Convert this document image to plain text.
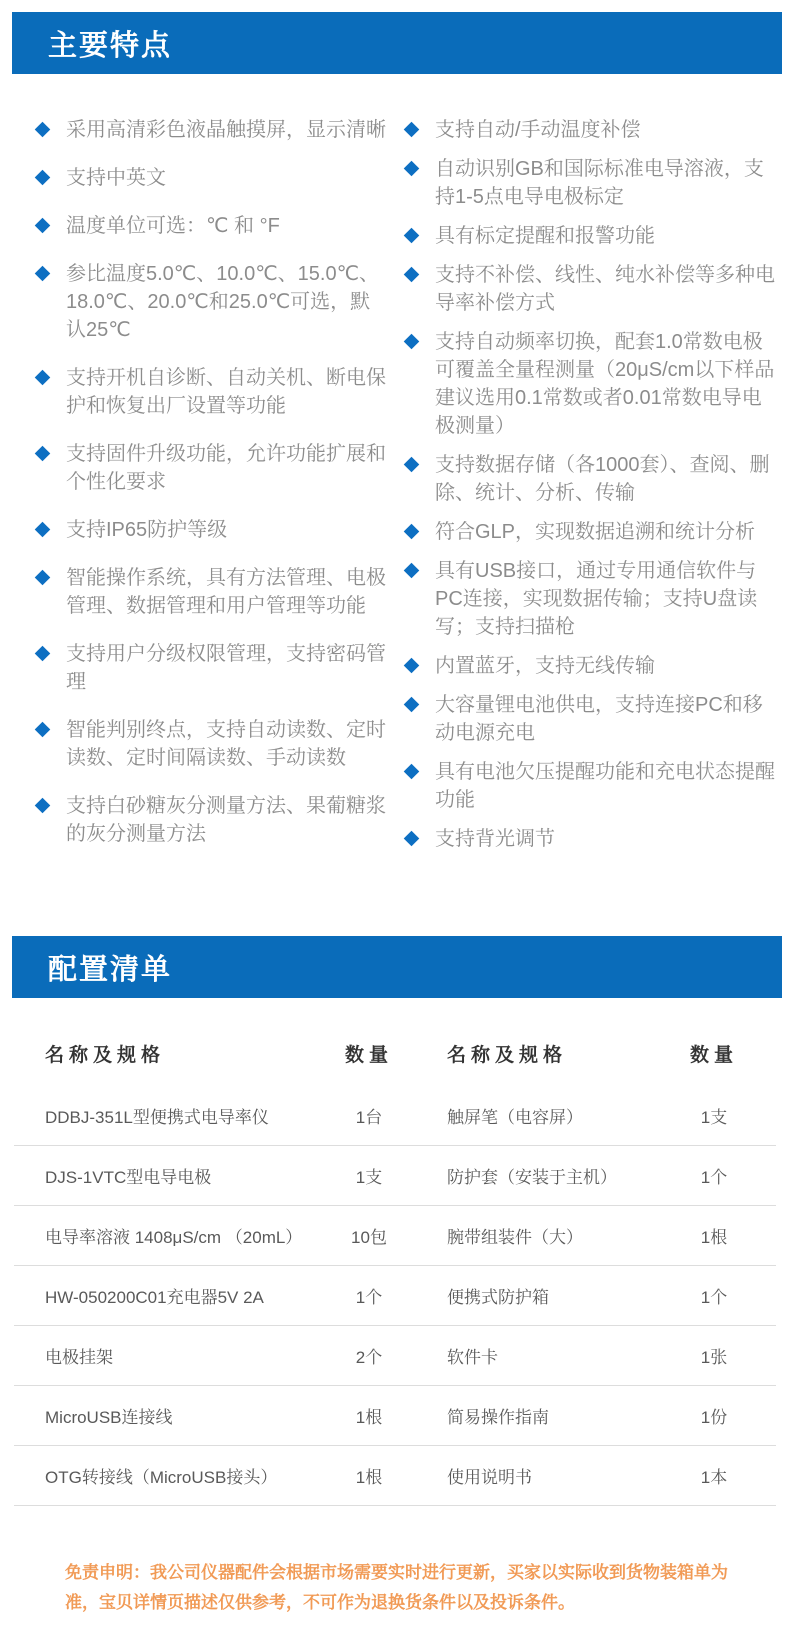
主要特点
采用高清彩色液晶触摸屏，显示清晰
支持中英文
温度单位可选：℃ 和 °F
参比温度5.0℃、10.0℃、15.0℃、18.0℃、20.0℃和25.0℃可选，默认25℃
支持开机自诊断、自动关机、断电保护和恢复出厂设置等功能
支持固件升级功能，允许功能扩展和个性化要求
支持IP65防护等级
智能操作系统，具有方法管理、电极管理、数据管理和用户管理等功能
支持用户分级权限管理，支持密码管理
智能判别终点，支持自动读数、定时读数、定时间隔读数、手动读数
支持白砂糖灰分测量方法、果葡糖浆的灰分测量方法
支持自动/手动温度补偿
自动识别GB和国际标准电导溶液，支持1-5点电导电极标定
具有标定提醒和报警功能
支持不补偿、线性、纯水补偿等多种电导率补偿方式
支持自动频率切换，配套1.0常数电极可覆盖全量程测量（20μS/cm以下样品建议选用0.1常数或者0.01常数电导电极测量）
支持数据存储（各1000套）、查阅、删除、统计、分析、传输
符合GLP，实现数据追溯和统计分析
具有USB接口，通过专用通信软件与PC连接，实现数据传输；支持U盘读写；支持扫描枪
内置蓝牙，支持无线传输
大容量锂电池供电，支持连接PC和移动电源充电
具有电池欠压提醒功能和充电状态提醒功能
支持背光调节
配置清单
名称及规格	数量	名称及规格	数量
DDBJ-351L型便携式电导率仪	1台	触屏笔（电容屏）	1支
DJS-1VTC型电导电极	1支	防护套（安装于主机）	1个
电导率溶液 1408μS/cm （20mL）	10包	腕带组装件（大）	1根
HW-050200C01充电器5V 2A	1个	便携式防护箱	1个
电极挂架	2个	软件卡	1张
MicroUSB连接线	1根	简易操作指南	1份
OTG转接线（MicroUSB接头）	1根	使用说明书	1本
免责申明：我公司仪器配件会根据市场需要实时进行更新，买家以实际收到货物装箱单为准，宝贝详情页描述仅供参考，不可作为退换货条件以及投诉条件。
